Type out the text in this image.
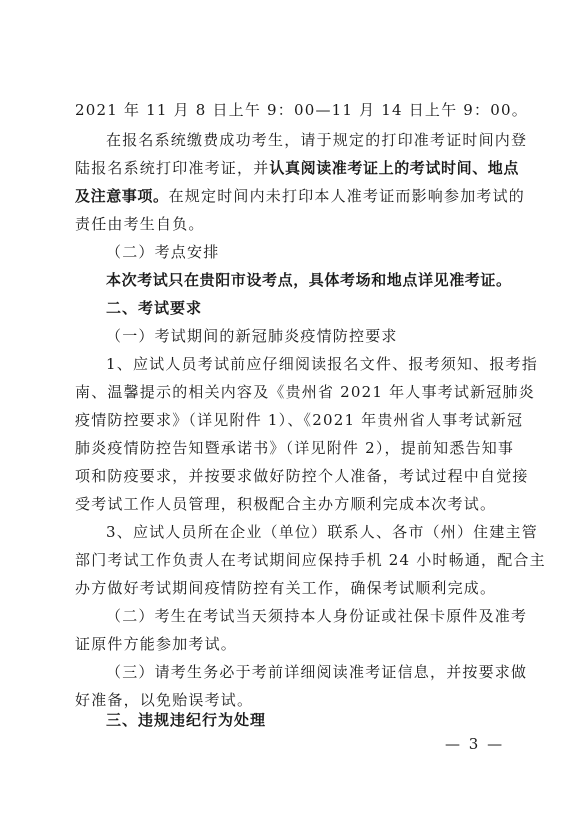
2021 年 11 月 8 日上午 9：00—11 月 14 日上午 9：00。
在报名系统缴费成功考生，请于规定的打印准考证时间内登
陆报名系统打印准考证，并认真阅读准考证上的考试时间、地点
及注意事项。在规定时间内未打印本人准考证而影响参加考试的
责任由考生自负。
（二）考点安排
本次考试只在贵阳市设考点，具体考场和地点详见准考证。
二、考试要求
（一）考试期间的新冠肺炎疫情防控要求
1、应试人员考试前应仔细阅读报名文件、报考须知、报考指
南、温馨提示的相关内容及《贵州省 2021 年人事考试新冠肺炎
疫情防控要求》（详见附件 1）、《2021 年贵州省人事考试新冠
肺炎疫情防控告知暨承诺书》（详见附件 2），提前知悉告知事
项和防疫要求，并按要求做好防控个人准备，考试过程中自觉接
受考试工作人员管理，积极配合主办方顺利完成本次考试。
3、应试人员所在企业（单位）联系人、各市（州）住建主管
部门考试工作负责人在考试期间应保持手机 24 小时畅通，配合主
办方做好考试期间疫情防控有关工作，确保考试顺利完成。
（二）考生在考试当天须持本人身份证或社保卡原件及准考
证原件方能参加考试。
（三）请考生务必于考前详细阅读准考证信息，并按要求做
好准备，以免贻误考试。
三、违规违纪行为处理
— 3 —
